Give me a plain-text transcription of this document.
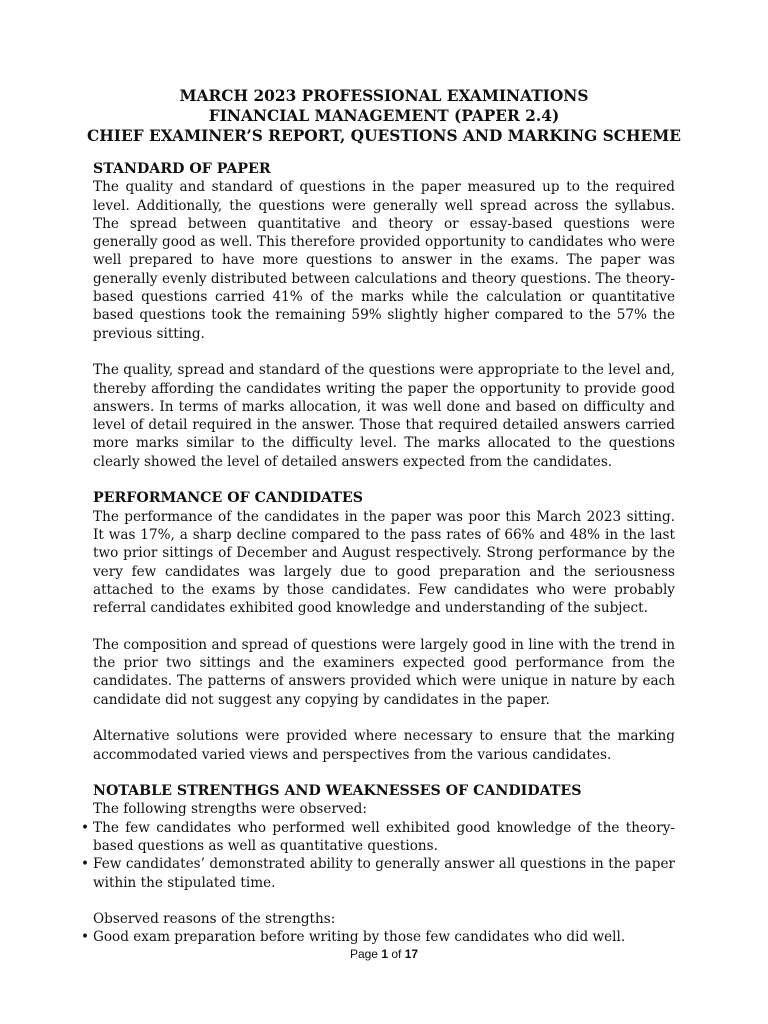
MARCH 2023 PROFESSIONAL EXAMINATIONS
FINANCIAL MANAGEMENT (PAPER 2.4)
CHIEF EXAMINER’S REPORT, QUESTIONS AND MARKING SCHEME
STANDARD OF PAPER

The quality and standard of questions in the paper measured up to the required level. Additionally, the questions were generally well spread across the syllabus. The spread between quantitative and theory or essay-based questions were generally good as well. This therefore provided opportunity to candidates who were well prepared to have more questions to answer in the exams. The paper was generally evenly distributed between calculations and theory questions. The theory-based questions carried 41% of the marks while the calculation or quantitative based questions took the remaining 59% slightly higher compared to the 57% the previous sitting.

The quality, spread and standard of the questions were appropriate to the level and, thereby affording the candidates writing the paper the opportunity to provide good answers. In terms of marks allocation, it was well done and based on difficulty and level of detail required in the answer. Those that required detailed answers carried more marks similar to the difficulty level. The marks allocated to the questions clearly showed the level of detailed answers expected from the candidates.

PERFORMANCE OF CANDIDATES

The performance of the candidates in the paper was poor this March 2023 sitting. It was 17%, a sharp decline compared to the pass rates of 66% and 48% in the last two prior sittings of December and August respectively. Strong performance by the very few candidates was largely due to good preparation and the seriousness attached to the exams by those candidates. Few candidates who were probably referral candidates exhibited good knowledge and understanding of the subject.

The composition and spread of questions were largely good in line with the trend in the prior two sittings and the examiners expected good performance from the candidates. The patterns of answers provided which were unique in nature by each candidate did not suggest any copying by candidates in the paper.

Alternative solutions were provided where necessary to ensure that the marking accommodated varied views and perspectives from the various candidates.

NOTABLE STRENTHGS AND WEAKNESSES OF CANDIDATES

The following strengths were observed:

• The few candidates who performed well exhibited good knowledge of the theory-based questions as well as quantitative questions.
• Few candidates’ demonstrated ability to generally answer all questions in the paper within the stipulated time.

Observed reasons of the strengths:

• Good exam preparation before writing by those few candidates who did well.
Page 1 of 17
